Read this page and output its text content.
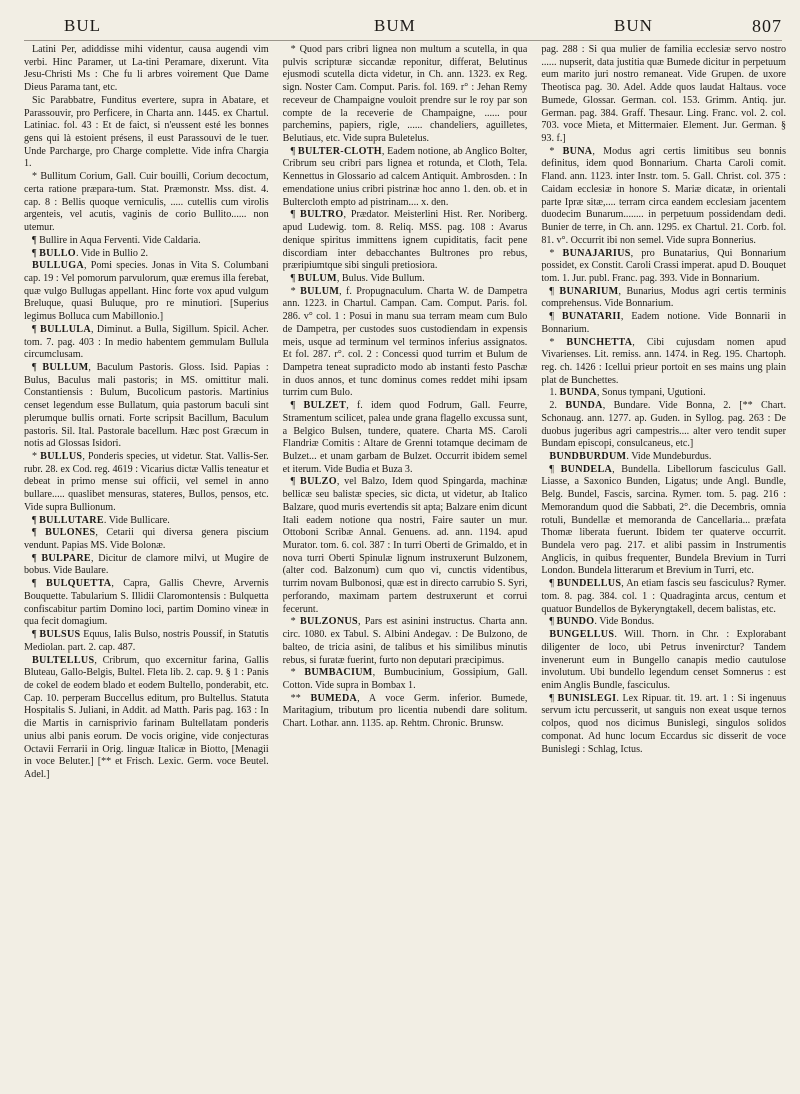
BUL	BUM	BUN	807

Latini Per, adiddisse mihi videntur, causa augendi vim verbi. Hinc Paramer, ut La-tini Peramare, dixerunt. Vita Jesu-Christi Ms : Che fu li arbres voirement Que Dame Dieus Parama tant, etc.

Sic Parabbatre, Funditus evertere, supra in Abatare, et Parassouvir, pro Perficere, in Charta ann. 1445. ex Chartul. Latiniac. fol. 43 : Et de faict, si n'eussent esté les bonnes gens qui là estoient présens, il eust Parassouvi de le tuer. Unde Parcharge, pro Charge complette. Vide infra Chargia 1.

* Bullitum Corium, Gall. Cuir bouilli, Corium decoctum, certa ratione præpara-tum. Stat. Præmonstr. Mss. dist. 4. cap. 8 : Bellis quoque verniculis, ..... cutellis cum virolis argenteis, vel acutis, vaginis de corio Bullito...... non utemur.

¶ Bullire in Aqua Ferventi. Vide Caldaria.

¶ BULLO. Vide in Bullio 2.

BULLUGA, Pomi species. Jonas in Vita S. Columbani cap. 19 : Vel pomorum parvulorum, quæ eremus illa ferebat, quæ vulgo Bullugas appellant. Hinc forte vox apud vulgum Breluque, quasi Buluque, pro re minutiori. [Superius legimus Bolluca cum Mabillonio.]

¶ BULLULA, Diminut. a Bulla, Sigillum. Spicil. Acher. tom. 7. pag. 403 : In medio habentem gemmulam Bullula circumclusam.

¶ BULLUM, Baculum Pastoris. Gloss. Isid. Papias : Bulus, Baculus mali pastoris; in MS. omittitur mali. Constantiensis : Bulum, Bucolicum pastoris. Martinius censet legendum esse Bullatum, quia pastorum baculi sint plerumque bullis ornati. Forte scripsit Bacillum, Baculum pastoris. Sil. Ital. Pastorale bacellum. Hæc post Græcum in notis ad Glossas Isidori.

* BULLUS, Ponderis species, ut videtur. Stat. Vallis-Ser. rubr. 28. ex Cod. reg. 4619 : Vicarius dictæ Vallis teneatur et debeat in primo mense sui officii, vel semel in anno bullare..... quaslibet mensuras, stateres, Bullos, pensos, etc. Vide supra Bullionum.

¶ BULLUTARE. Vide Bullicare.

¶ BULONES, Cetarii qui diversa genera piscium vendunt. Papias MS. Vide Bolonæ.

¶ BULPARE, Dicitur de clamore milvi, ut Mugire de bobus. Vide Baulare.

¶ BULQUETTA, Capra, Gallis Chevre, Arvernis Bouquette. Tabularium S. Illidii Claromontensis : Bulquetta confiscabitur partim Domino loci, partim Domino vineæ in qua fecit domagium.

¶ BULSUS Equus, Ialis Bulso, nostris Poussif, in Statutis Mediolan. part. 2. cap. 487.

BULTELLUS, Cribrum, quo excernitur farina, Gallis Bluteau, Gallo-Belgis, Bultel. Fleta lib. 2. cap. 9. § 1 : Panis de cokel de eodem blado et eodem Bultello, ponderabit, etc. Cap. 10. perperam Buccellus editum, pro Bultellus. Statuta Hospitalis S. Juliani, in Addit. ad Matth. Paris pag. 163 : In die Martis in carnisprivio farinam Bultellatam ponderis unius albi panis eorum. De vocis origine, vide conjecturas Octavii Ferrarii in Orig. linguæ Italicæ in Biotto, [Menagii in voce Beluter.] [** et Frisch. Lexic. Germ. voce Beutel. Adel.]

* Quod pars cribri lignea non multum a scutella, in qua pulvis scripturæ siccandæ reponitur, differat, Belutinus ejusmodi scutella dicta videtur, in Ch. ann. 1323. ex Reg. sign. Noster Cam. Comput. Paris. fol. 169. r° : Jehan Remy receveur de Champaigne vouloit prendre sur le roy par son compte de la receverie de Champaigne, ...... pour parchemins, papiers, rigle, ...... chandeliers, aguilletes, Belutiaus, etc. Vide supra Buletelus.

¶ BULTER-CLOTH, Eadem notione, ab Anglico Bolter, Cribrum seu cribri pars lignea et rotunda, et Cloth, Tela. Kennettus in Glossario ad calcem Antiquit. Ambrosden. : In emendatione unius cribri pistrinæ hoc anno 1. den. ob. et in Bultercloth empto ad pistrinam.... x. den.

¶ BULTRO, Prædator. Meisterlini Hist. Rer. Noriberg. apud Ludewig. tom. 8. Reliq. MSS. pag. 108 : Avarus denique spiritus immittens ignem cupiditatis, facit pene discordiam inter debacchantes Bultrones pro rebus, præripiumtque sibi singuli pretiosiora.

¶ BULUM, Bulus. Vide Bullum.

* BULUM, f. Propugnaculum. Charta W. de Dampetra ann. 1223. in Chartul. Campan. Cam. Comput. Paris. fol. 286. v° col. 1 : Posui in manu sua terram meam cum Bulo de Dampetra, per custodes suos custodiendam in expensis meis, usque ad terminum vel terminos inferius assignatos. Et fol. 287. r°. col. 2 : Concessi quod turrim et Bulum de Dampetra teneat supradicto modo ab instanti festo Paschæ in duos annos, et tunc dominus comes reddet mihi ipsam turrim cum Bulo.

¶ BULZET, f. idem quod Fodrum, Gall. Feurre, Stramentum scilicet, palea unde grana flagello excussa sunt, a Belgico Bulsen, tundere, quatere. Charta MS. Caroli Flandriæ Comitis : Altare de Grenni totamque decimam de Bulzet... et unam garbam de Bulzet. Occurrit ibidem semel et iterum. Vide Budia et Buza 3.

¶ BULZO, vel Balzo, Idem quod Spingarda, machinæ bellicæ seu balistæ species, sic dicta, ut videtur, ab Italico Balzare, quod muris evertendis sit apta; Balzare enim dicunt Itali eadem notione qua nostri, Faire sauter un mur. Ottoboni Scribæ Annal. Genuens. ad. ann. 1194. apud Murator. tom. 6. col. 387 : In turri Oberti de Grimaldo, et in nova turri Oberti Spinulæ lignum instruxerunt Bulzonem, (alter cod. Balzonum) cum quo vi, cunctis videntibus, turrim novam Bulbonosi, quæ est in directo carrubio S. Syri, perforando, maximam partem destruxerunt et corrui fecerunt.

* BULZONUS, Pars est asinini instructus. Charta ann. circ. 1080. ex Tabul. S. Albini Andegav. : De Bulzono, de balteo, de tricia asini, de talibus et his similibus minutis rebus, si furatæ fuerint, furto non deputari præcipimus.

* BUMBACIUM, Bumbucinium, Gossipium, Gall. Cotton. Vide supra in Bombax 1.

** BUMEDA, A voce Germ. inferior. Bumede, Maritagium, tributum pro licentia nubendi dare solitum. Chart. Lothar. ann. 1135. ap. Rehtm. Chronic. Brunsw.

pag. 288 : Si qua mulier de familia ecclesiæ servo nostro ...... nupserit, data justitia quæ Bumede dicitur in perpetuum eum marito juri nostro remaneat. Vide Grupen. de uxore Theotisca pag. 30. Adel. Adde quos laudat Haltaus. voce Bumede, Glossar. German. col. 153. Grimm. Antiq. jur. German. pag. 384. Graff. Thesaur. Ling. Franc. vol. 2. col. 703. voce Mieta, et Mittermaier. Element. Jur. German. § 93. f.]

* BUNA, Modus agri certis limitibus seu bonnis definitus, idem quod Bonnarium. Charta Caroli comit. Fland. ann. 1123. inter Instr. tom. 5. Gall. Christ. col. 375 : Caidam ecclesiæ in honore S. Mariæ dicatæ, in orientali parte Ipræ sitæ,.... terram circa eandem ecclesiam jacentem duodecim Bunarum........ in perpetuum possidendam dedi. Bunier de terre, in Ch. ann. 1295. ex Chartul. 21. Corb. fol. 81. v°. Occurrit ibi non semel. Vide supra Bonnerius.

* BUNAJARIUS, pro Bunatarius, Qui Bonnarium possidet, ex Constit. Caroli Crassi imperat. apud D. Bouquet tom. 1. Jur. publ. Franc. pag. 393. Vide in Bonnarium.

¶ BUNARIUM, Bunarius, Modus agri certis terminis comprehensus. Vide Bonnarium.

¶ BUNATARII, Eadem notione. Vide Bonnarii in Bonnarium.

* BUNCHETTA, Cibi cujusdam nomen apud Vivarienses. Lit. remiss. ann. 1474. in Reg. 195. Chartoph. reg. ch. 1426 : Icellui prieur portoit en ses mains ung plain plat de Bunchettes.

1. BUNDA, Sonus tympani, Ugutioni.

2. BUNDA, Bundare. Vide Bonna, 2. [** Chart. Schonaug. ann. 1277. ap. Guden. in Syllog. pag. 263 : De duobus jugeribus agri campestris.... alter vero tendit super Bundam episcopi, consulcaneus, etc.]

BUNDBURDUM. Vide Mundeburdus.

¶ BUNDELA, Bundella. Libellorum fasciculus Gall. Liasse, a Saxonico Bunden, Ligatus; unde Angl. Bundle, Belg. Bundel, Fascis, sarcina. Rymer. tom. 5. pag. 216 : Memorandum quod die Sabbati, 2°. die Decembris, omnia rotuli, Bundellæ et memoranda de Cancellaria... præfata Thomæ liberata fuerunt. Ibidem ter quaterve occurrit. Bundela vero pag. 217. et alibi passim in Instrumentis Anglicis, in quibus frequenter, Bundela Brevium in Turri London. Bundela litterarum et Brevium in Turri, etc.

¶ BUNDELLUS, An etiam fascis seu fasciculus? Rymer. tom. 8. pag. 384. col. 1 : Quadraginta arcus, centum et quatuor Bundellos de Bykeryngtakell, decem balistas, etc.

¶ BUNDO. Vide Bondus.

BUNGELLUS. Will. Thorn. in Chr. : Explorabant diligenter de loco, ubi Petrus invenirctur? Tandem invenerunt eum in Bungello canapis medio cautulose involutum. Ubi bundello legendum censet Somnerus : est enim Anglis Bundle, fasciculus.

¶ BUNISLEGI. Lex Ripuar. tit. 19. art. 1 : Si ingenuus servum ictu percusserit, ut sanguis non exeat usque ternos colpos, quod nos dicimus Bunislegi, singulos solidos componat. Ad hunc locum Eccardus sic disserit de voce Bunislegi : Schlag, Ictus.
